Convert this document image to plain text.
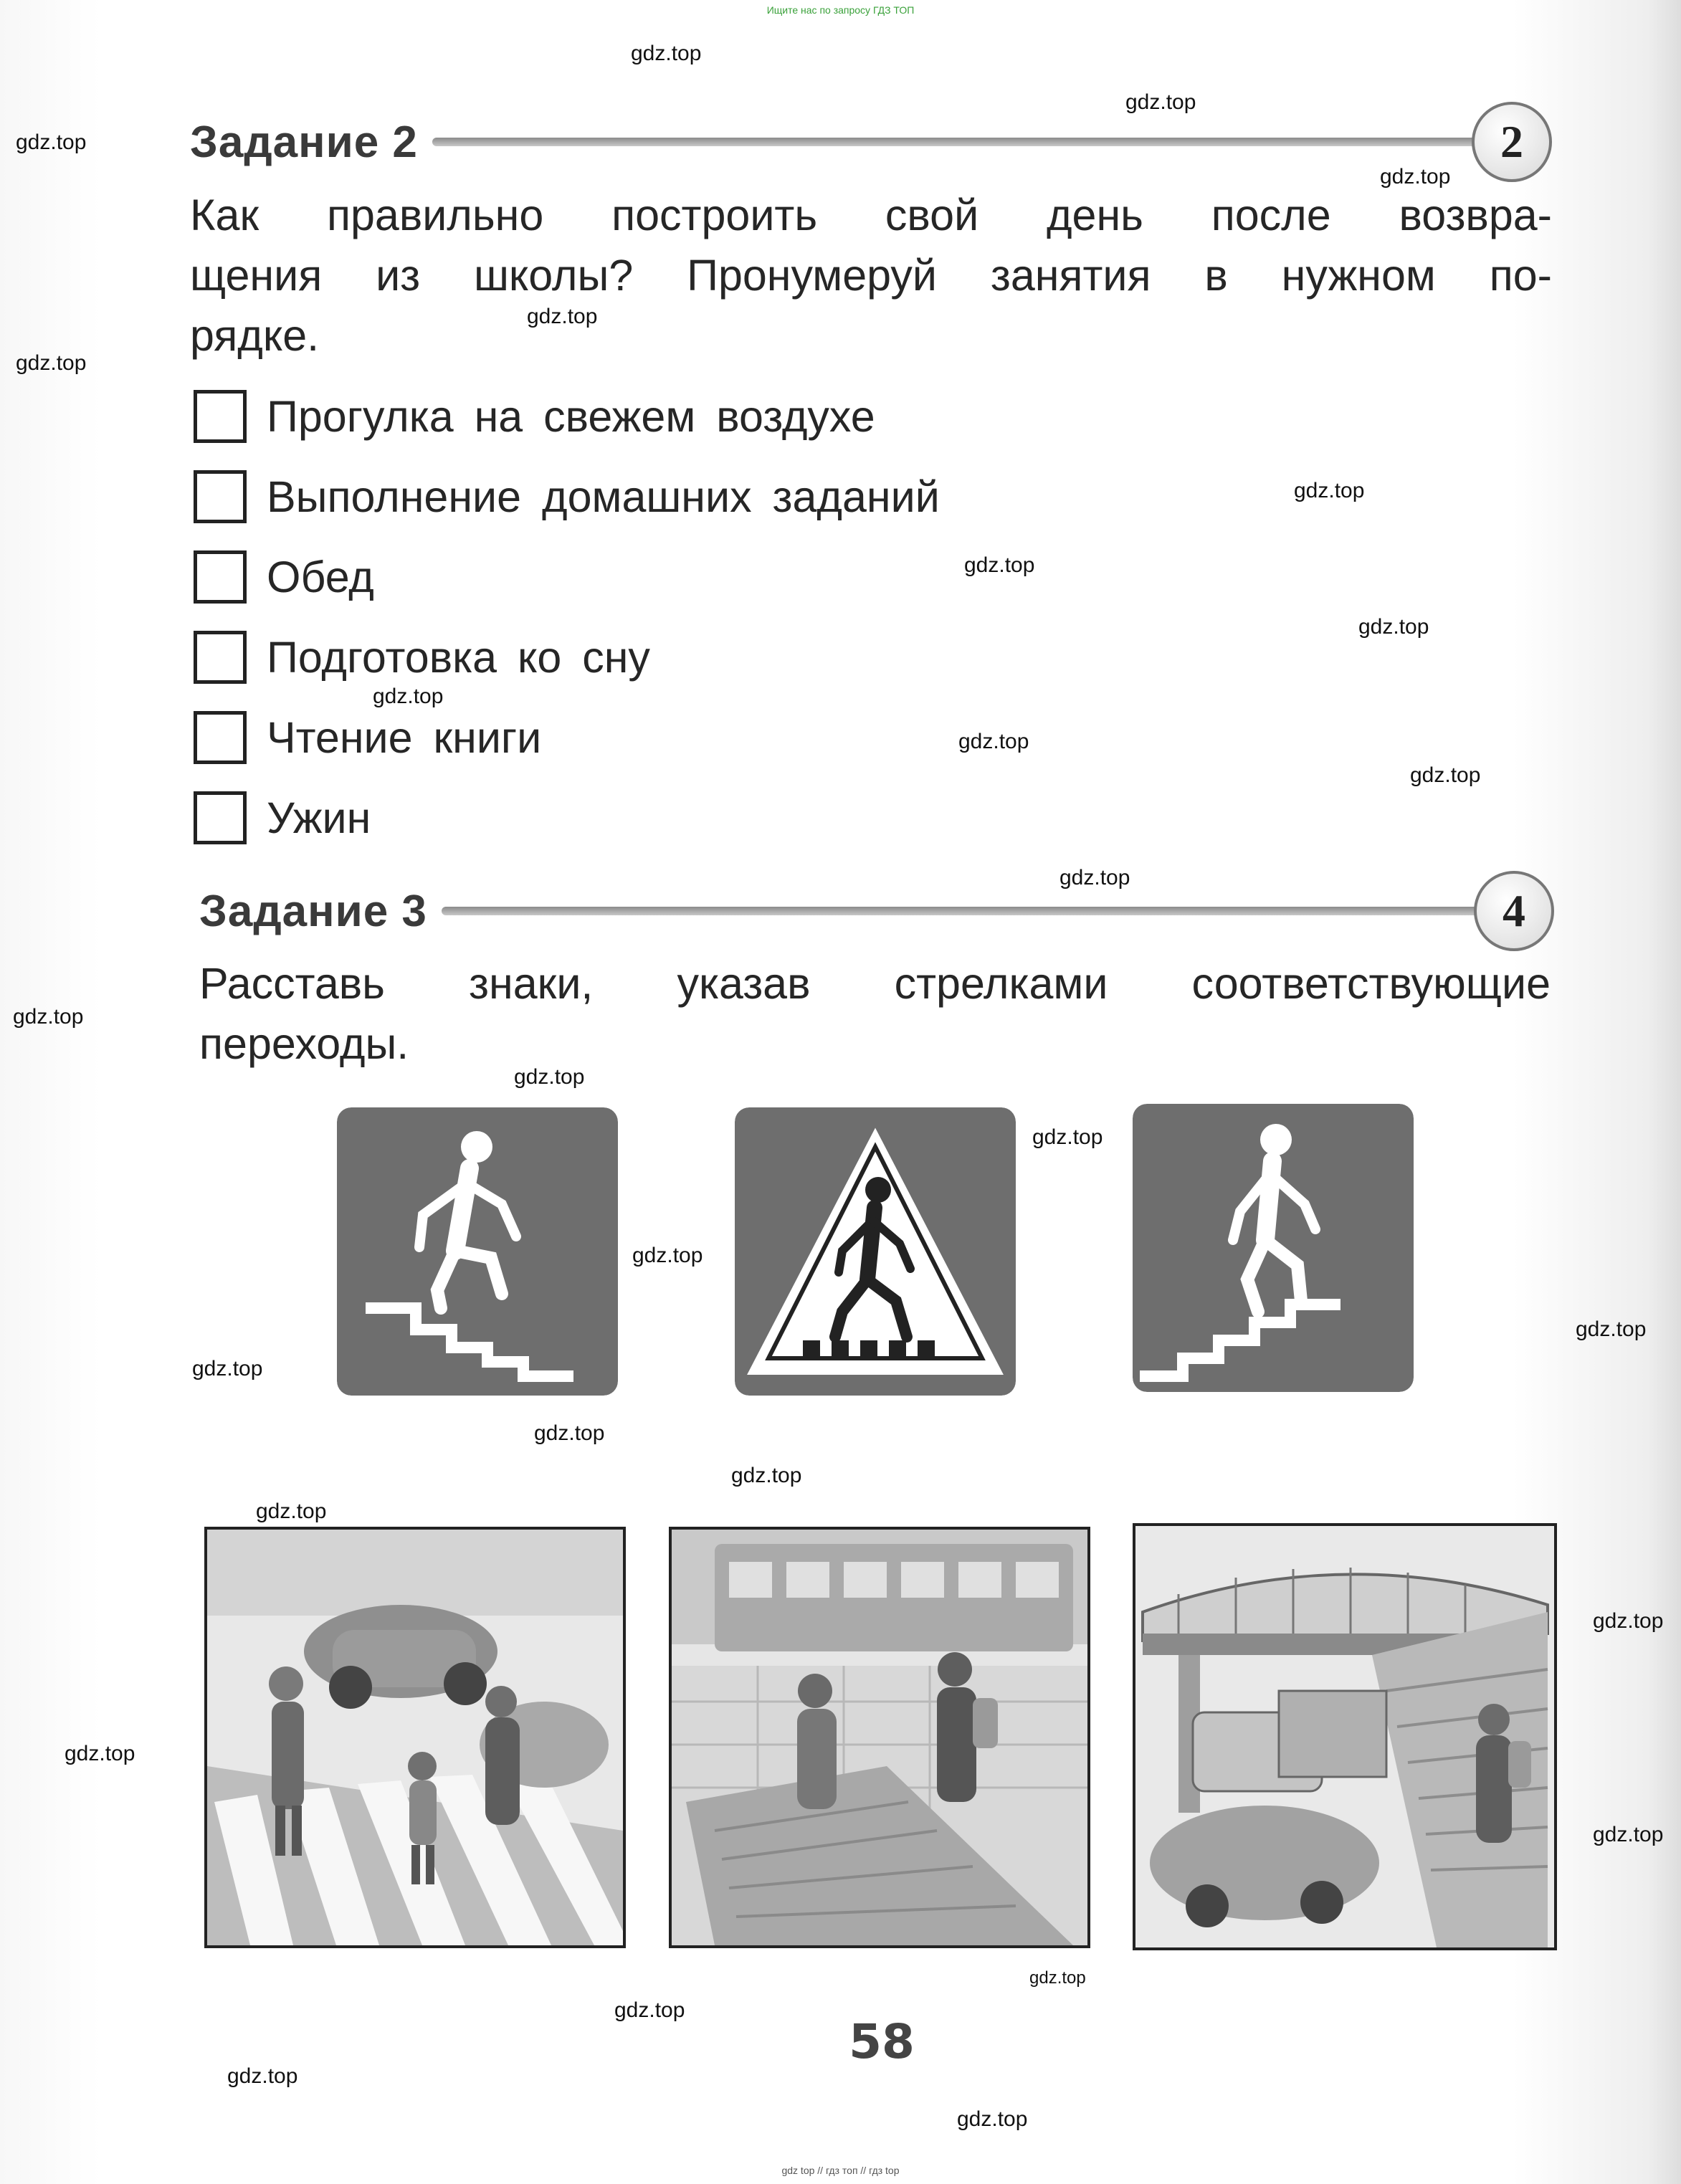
Ищите нас по запросу ГДЗ ТОП
gdz.top
gdz.top
gdz.top
gdz.top
gdz.top
gdz.top
gdz.top
gdz.top
gdz.top
gdz.top
gdz.top
gdz.top
gdz.top
gdz.top
gdz.top
gdz.top
gdz.top
gdz.top
gdz.top
gdz.top
gdz.top
gdz.top
gdz.top
gdz.top
gdz.top
gdz.top
gdz.top
gdz.top
gdz.top
Задание 2	2
Как правильно построить свой день после возвра-
щения из школы? Пронумеруй занятия в нужном по-
рядке.
Прогулка на свежем воздухе
Выполнение домашних заданий
Обед
Подготовка ко сну
Чтение книги
Ужин
Задание 3	4
Расставь знаки, указав стрелками соответствующие
переходы.
58
gdz top // гдз топ // гдз top
